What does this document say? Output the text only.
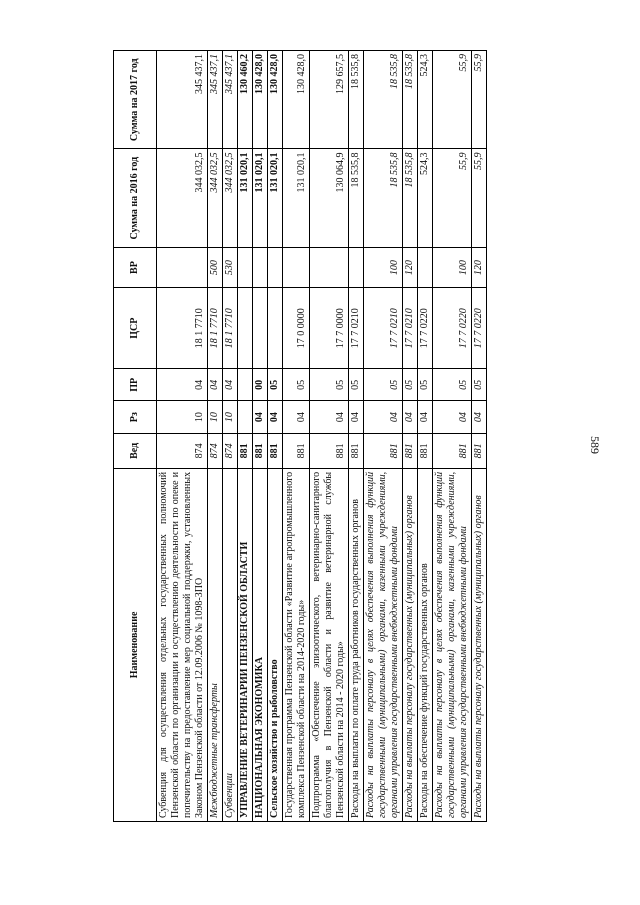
589
Наименование	Вед	Рз	ПР	ЦСР	ВР	Сумма на 2016 год	Сумма на 2017 год
Субвенция для осуществления отдельных государственных полномочий Пензенской области по организации и осуществлению деятельности по опеке и попечительству на предоставление мер социальной поддержки, установленных Законом Пензенской области от 12.09.2006 № 1098-ЗПО	874	10	04	18 1 7710		344 032,5	345 437,1
Межбюджетные трансферты	874	10	04	18 1 7710	500	344 032,5	345 437,1
Субвенции	874	10	04	18 1 7710	530	344 032,5	345 437,1
УПРАВЛЕНИЕ ВЕТЕРИНАРИИ ПЕНЗЕНСКОЙ ОБЛАСТИ	881					131 020,1	130 460,2
НАЦИОНАЛЬНАЯ ЭКОНОМИКА	881	04	00			131 020,1	130 428,0
Сельское хозяйство и рыболовство	881	04	05			131 020,1	130 428,0
Государственная программа Пензенской области «Развитие агропромышленного комплекса Пензенской области на 2014-2020 годы»	881	04	05	17 0 0000		131 020,1	130 428,0
Подпрограмма «Обеспечение эпизоотического, ветеринарно-санитарного благополучия в Пензенской области и развитие ветеринарной службы Пензенской области на 2014 - 2020 годы»	881	04	05	17 7 0000		130 064,9	129 657,5
Расходы на выплаты по оплате труда работников государственных органов	881	04	05	17 7 0210		18 535,8	18 535,8
Расходы на выплаты персоналу в целях обеспечения выполнения функций государственными (муниципальными) органами, казенными учреждениями, органами управления государственными внебюджетными фондами	881	04	05	17 7 0210	100	18 535,8	18 535,8
Расходы на выплаты персоналу государственных (муниципальных) органов	881	04	05	17 7 0210	120	18 535,8	18 535,8
Расходы на обеспечение функций государственных органов	881	04	05	17 7 0220		524,3	524,3
Расходы на выплаты персоналу в целях обеспечения выполнения функций государственными (муниципальными) органами, казенными учреждениями, органами управления государственными внебюджетными фондами	881	04	05	17 7 0220	100	55,9	55,9
Расходы на выплаты персоналу государственных (муниципальных) органов	881	04	05	17 7 0220	120	55,9	55,9
